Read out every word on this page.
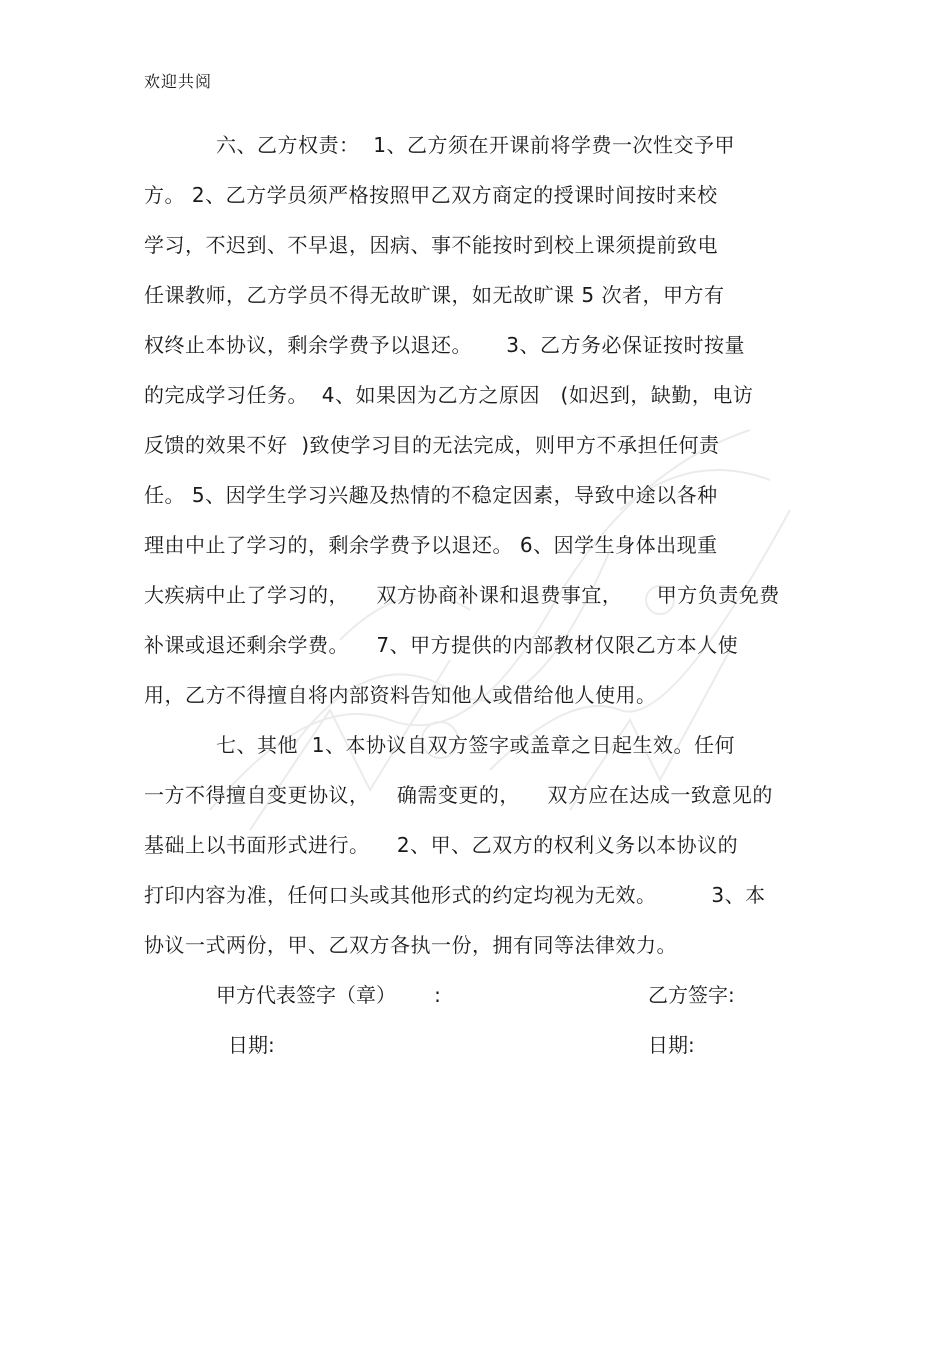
欢迎共阅
六、乙方权责：  1、乙方须在开课前将学费一次性交予甲
方。 2、乙方学员须严格按照甲乙双方商定的授课时间按时来校
学习，不迟到、不早退，因病、事不能按时到校上课须提前致电
任课教师，乙方学员不得无故旷课，如无故旷课 5 次者，甲方有
权终止本协议，剩余学费予以退还。     3、乙方务必保证按时按量
的完成学习任务。  4、如果因为乙方之原因   (如迟到，缺勤，电访
反馈的效果不好  )致使学习目的无法完成，则甲方不承担任何责
任。 5、因学生学习兴趣及热情的不稳定因素，导致中途以各种
理由中止了学习的，剩余学费予以退还。 6、因学生身体出现重
大疾病中止了学习的，    双方协商补课和退费事宜，     甲方负责免费
补课或退还剩余学费。    7、甲方提供的内部教材仅限乙方本人使
用，乙方不得擅自将内部资料告知他人或借给他人使用。
七、其他  1、本协议自双方签字或盖章之日起生效。任何
一方不得擅自变更协议，    确需变更的，    双方应在达成一致意见的
基础上以书面形式进行。    2、甲、乙双方的权利义务以本协议的
打印内容为准，任何口头或其他形式的约定均视为无效。        3、本
协议一式两份，甲、乙双方各执一份，拥有同等法律效力。
甲方代表签字（章）      :	乙方签字:
日期:	日期:
